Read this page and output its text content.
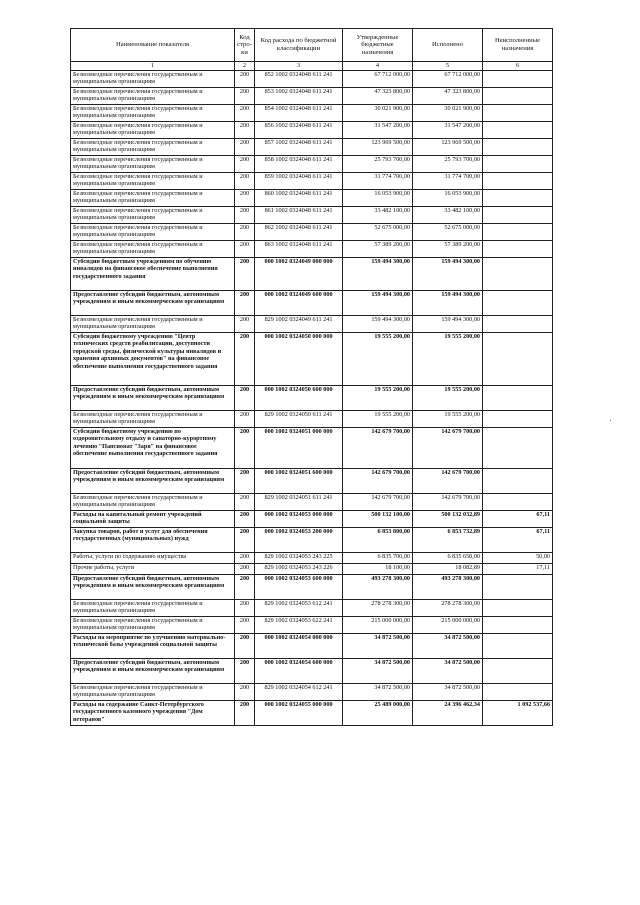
Наименование показателя	Код стро-ки	Код расхода по бюджетной классификации	Утвержденные бюджетные назначения	Исполнено	Неисполненные назначения
1	2	3	4	5	6
Безвозмездные перечисления государственным и муниципальным организациям	200	852 1002 0324048 611 241	67 712 000,00	67 712 000,00	
Безвозмездные перечисления государственным и муниципальным организациям	200	853 1002 0324048 611 241	47 323 800,00	47 323 800,00	
Безвозмездные перечисления государственным и муниципальным организациям	200	854 1002 0324048 611 241	30 021 900,00	30 021 900,00	
Безвозмездные перечисления государственным и муниципальным организациям	200	856 1002 0324048 611 241	31 547 200,00	31 547 200,00	
Безвозмездные перечисления государственным и муниципальным организациям	200	857 1002 0324048 611 241	123 969 500,00	123 969 500,00	
Безвозмездные перечисления государственным и муниципальным организациям	200	858 1002 0324048 611 241	25 793 700,00	25 793 700,00	
Безвозмездные перечисления государственным и муниципальным организациям	200	859 1002 0324048 611 241	31 774 700,00	31 774 700,00	
Безвозмездные перечисления государственным и муниципальным организациям	200	860 1002 0324048 611 241	16 053 900,00	16 053 900,00	
Безвозмездные перечисления государственным и муниципальным организациям	200	861 1002 0324048 611 241	33 482 100,00	33 482 100,00	
Безвозмездные перечисления государственным и муниципальным организациям	200	862 1002 0324048 611 241	52 675 000,00	52 675 000,00	
Безвозмездные перечисления государственным и муниципальным организациям	200	863 1002 0324048 611 241	57 389 200,00	57 389 200,00	
Субсидии бюджетным учреждениям по обучению инвалидов на финансовое обеспечение выполнения государственного задания	200	000 1002 0324049 000 000	159 494 300,00	159 494 300,00	
Предоставление субсидий бюджетным, автономным учреждениям и иным некоммерческим организациям	200	000 1002 0324049 600 000	159 494 300,00	159 494 300,00	
Безвозмездные перечисления государственным и муниципальным организациям	200	829 1002 0324049 611 241	159 494 300,00	159 494 300,00	
Субсидии бюджетному учреждению "Центр технических средств реабилитации, доступности городской среды, физической культуры инвалидов и хранения архивных документов" на финансовое обеспечение выполнения государственного задания	200	000 1002 0324050 000 000	19 555 200,00	19 555 200,00	
Предоставление субсидий бюджетным, автономным учреждениям и иным некоммерческим организациям	200	000 1002 0324050 600 000	19 555 200,00	19 555 200,00	
Безвозмездные перечисления государственным и муниципальным организациям	200	829 1002 0324050 611 241	19 555 200,00	19 555 200,00	
Субсидии бюджетному учреждению по оздоровительному отдыху и санаторно-курортному лечению "Пансионат "Заря" на финансовое обеспечение выполнения государственного задания	200	000 1002 0324051 000 000	142 679 700,00	142 679 700,00	
Предоставление субсидий бюджетным, автономным учреждениям и иным некоммерческим организациям	200	000 1002 0324051 600 000	142 679 700,00	142 679 700,00	
Безвозмездные перечисления государственным и муниципальным организациям	200	829 1002 0324051 611 241	142 679 700,00	142 679 700,00	
Расходы на капитальный ремонт учреждений социальной защиты	200	000 1002 0324053 000 000	500 132 100,00	500 132 032,89	67,11
Закупка товаров, работ и услуг для обеспечения государственных (муниципальных) нужд	200	000 1002 0324053 200 000	6 853 800,00	6 853 732,89	67,11
Работы, услуги по содержанию имущества	200	829 1002 0324053 243 225	6 835 700,00	6 835 650,00	50,00
Прочие работы, услуги	200	829 1002 0324053 243 226	18 100,00	18 082,89	17,11
Предоставление субсидий бюджетным, автономным учреждениям и иным некоммерческим организациям	200	000 1002 0324053 600 000	493 278 300,00	493 278 300,00	
Безвозмездные перечисления государственным и муниципальным организациям	200	829 1002 0324053 612 241	278 278 300,00	278 278 300,00	
Безвозмездные перечисления государственным и муниципальным организациям	200	829 1002 0324053 622 241	215 000 000,00	215 000 000,00	
Расходы на мероприятие по улучшению материально-технической базы учреждений социальной защиты	200	000 1002 0324054 000 000	34 872 500,00	34 872 500,00	
Предоставление субсидий бюджетным, автономным учреждениям и иным некоммерческим организациям	200	000 1002 0324054 600 000	34 872 500,00	34 872 500,00	
Безвозмездные перечисления государственным и муниципальным организациям	200	829 1002 0324054 612 241	34 872 500,00	34 872 500,00	
Расходы на содержание Санкт-Петербургского государственного казенного учреждения "Дом ветеранов"	200	000 1002 0324055 000 000	25 489 000,00	24 396 462,34	1 092 537,66
